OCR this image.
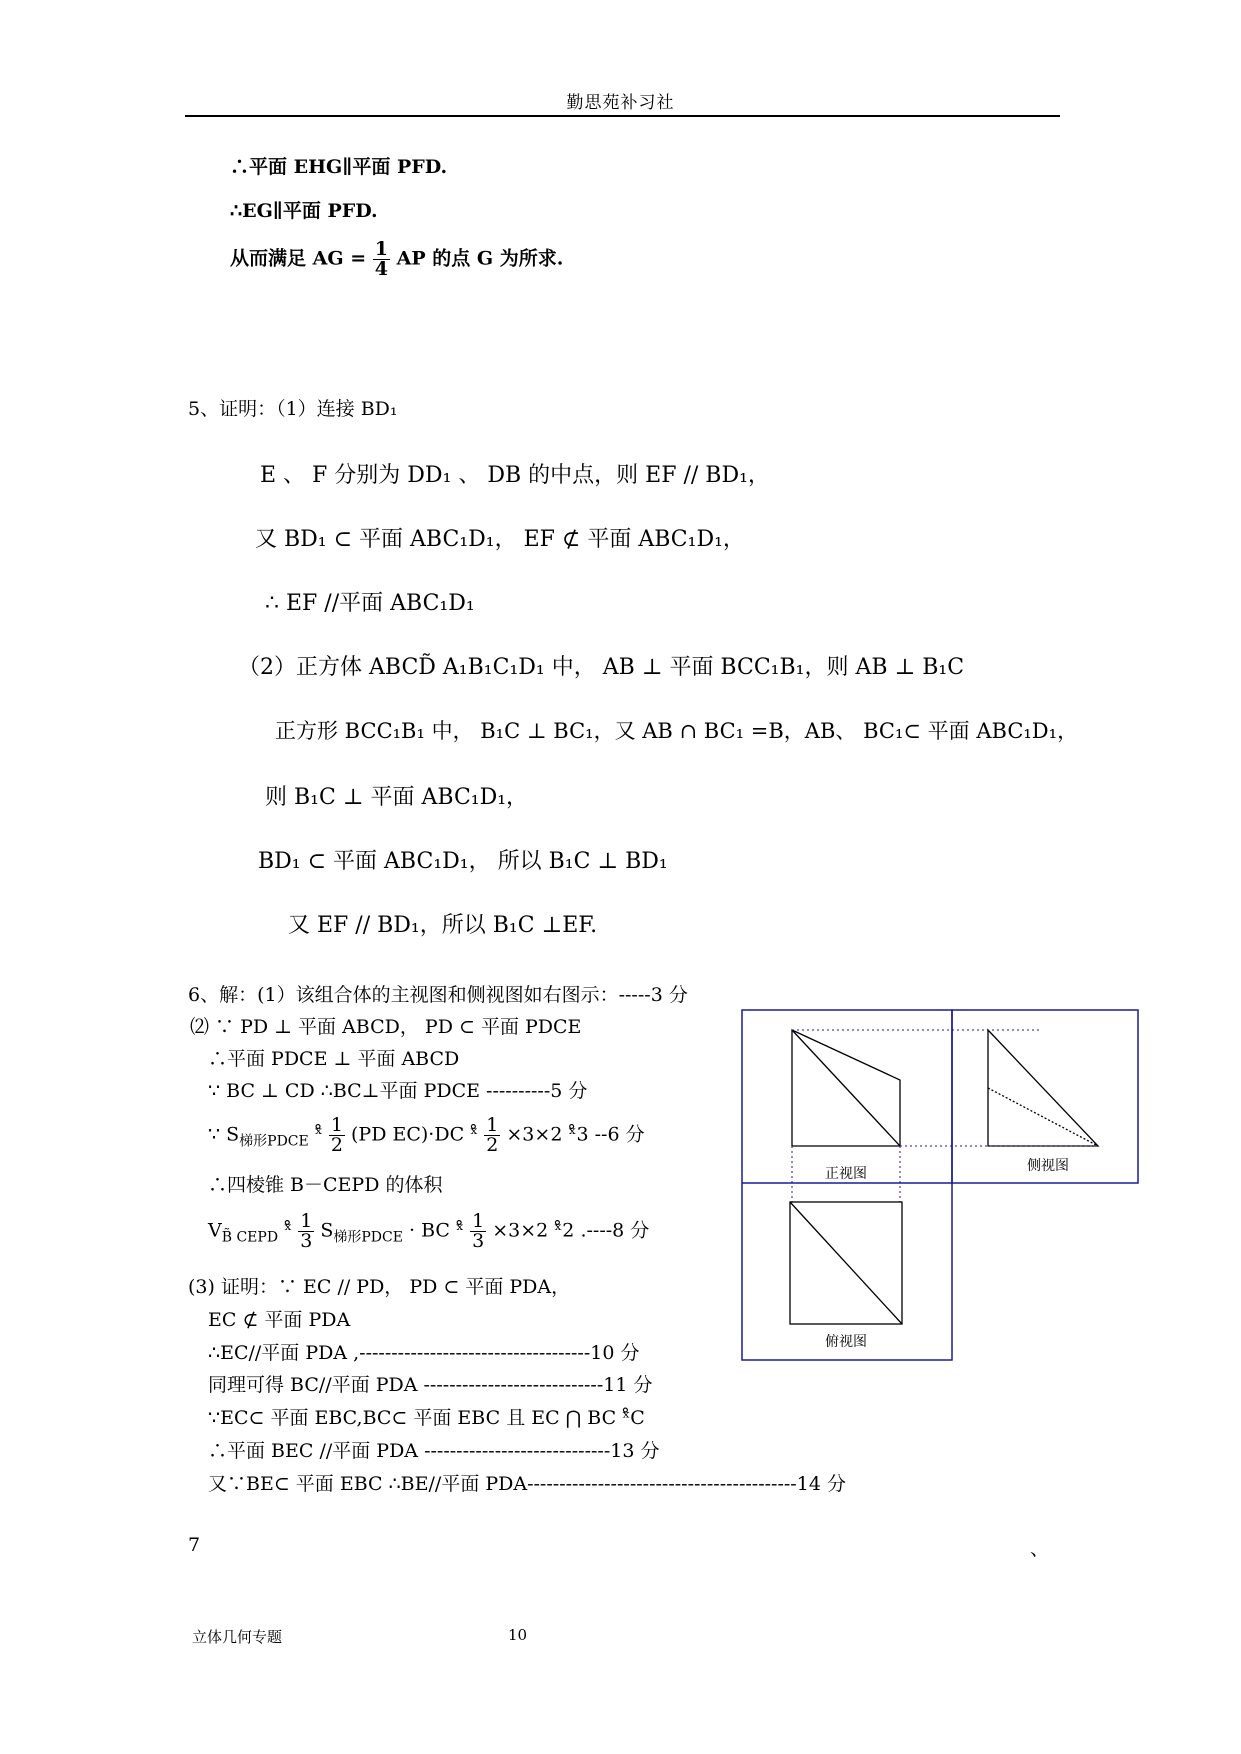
勤思苑补习社
∴平面 EHG∥平面 PFD.
∴EG∥平面 PFD.
从而满足 AG = $\frac{1}{4}$ AP 的点 G 为所求.
5、证明：（1）连接 BD₁
E 、 F 分别为 DD₁ 、 DB 的中点，则 EF // BD₁，
又 BD₁ ⊂ 平面 ABC₁D₁， EF ⊄ 平面 ABC₁D₁，
∴ EF //平面 ABC₁D₁
（2）正方体 ABCD̃ A₁B₁C₁D₁ 中， AB ⊥ 平面 BCC₁B₁，则 AB ⊥ B₁C
正方形 BCC₁B₁ 中， B₁C ⊥ BC₁，又 AB ∩ BC₁ =B，AB、 BC₁⊂ 平面 ABC₁D₁，
则 B₁C ⊥ 平面 ABC₁D₁，
BD₁ ⊂ 平面 ABC₁D₁， 所以 B₁C ⊥ BD₁
又 EF // BD₁，所以 B₁C ⊥EF.
6、解：(1）该组合体的主视图和侧视图如右图示：-----3 分
⑵ ∵ PD ⊥ 平面 ABCD， PD ⊂ 平面 PDCE
∴平面 PDCE ⊥ 平面 ABCD
∵ BC ⊥ CD ∴BC⊥平面 PDCE ----------5 分
∵ $S_{梯形PDCE}$ ˣ̊ $\frac{1}{2} (PD$ EC)·DC ˣ̊ $\frac{1}{2} \times 3\times 2$ ˣ̊3 --6 分
∴四棱锥 B－CEPD 的体积
$V_{B̃ CEPD}$ ˣ̊ $\frac{1}{3} S_{梯形PDCE}$ · BC ˣ̊ $\frac{1}{3} \times 3\times 2$ ˣ̊2 .----8 分
(3) 证明：∵ EC // PD， PD ⊂ 平面 PDA，
EC ⊄ 平面 PDA
∴EC//平面 PDA ,------------------------------------10 分
同理可得 BC//平面 PDA ----------------------------11 分
∵EC⊂ 平面 EBC,BC⊂ 平面 EBC 且 EC ⋂ BC ˣ̊C
∴平面 BEC //平面 PDA -----------------------------13 分
又∵BE⊂ 平面 EBC ∴BE//平面 PDA------------------------------------------14 分
正视图
侧视图
俯视图
7	、
立体几何专题	10
